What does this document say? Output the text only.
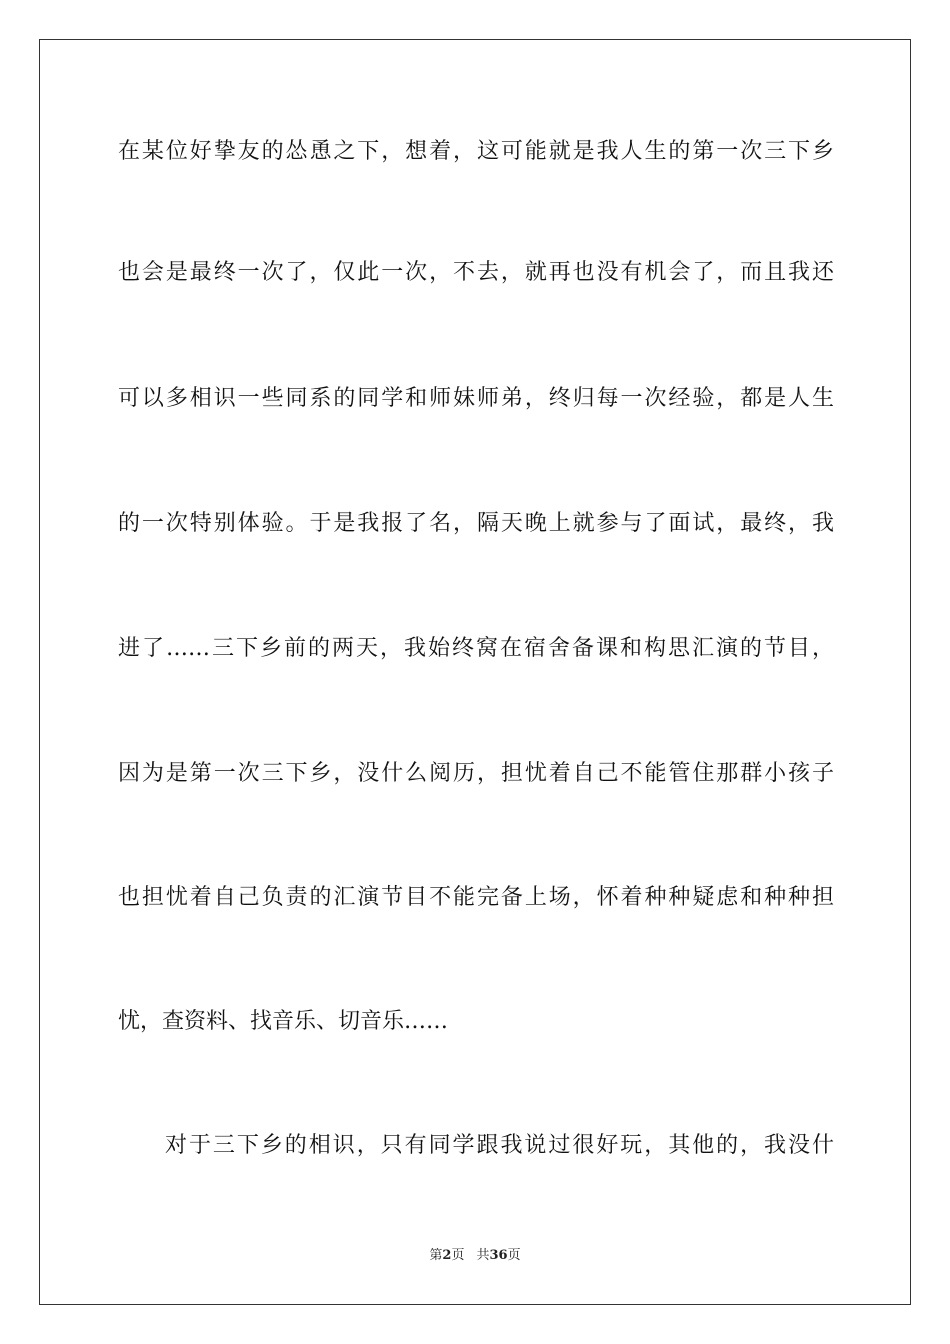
在某位好挚友的怂恿之下，想着，这可能就是我人生的第一次三下乡
也会是最终一次了，仅此一次，不去，就再也没有机会了，而且我还
可以多相识一些同系的同学和师妹师弟，终归每一次经验，都是人生
的一次特别体验。于是我报了名，隔天晚上就参与了面试，最终，我
进了……三下乡前的两天，我始终窝在宿舍备课和构思汇演的节目，
因为是第一次三下乡，没什么阅历，担忧着自己不能管住那群小孩子
也担忧着自己负责的汇演节目不能完备上场，怀着种种疑虑和种种担
忧，查资料、找音乐、切音乐……
对于三下乡的相识，只有同学跟我说过很好玩，其他的，我没什
第2页 共36页
